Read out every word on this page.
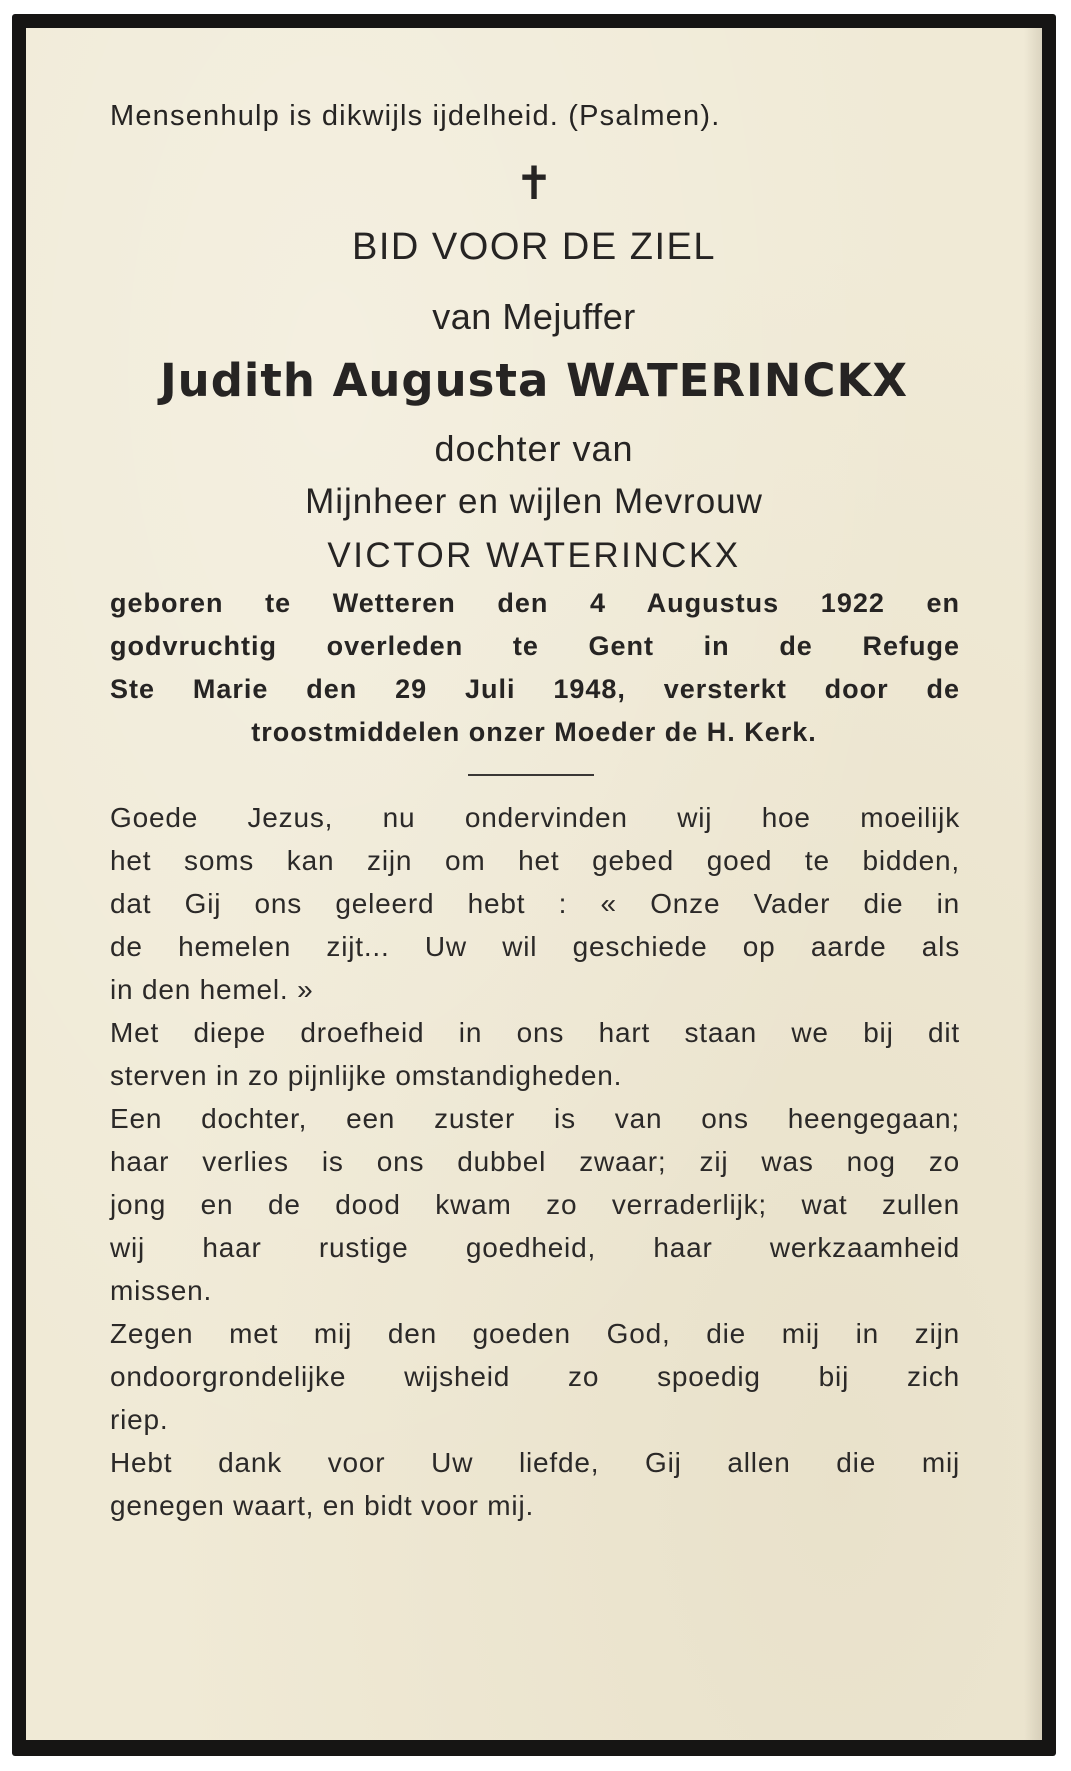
Mensenhulp is dikwijls ijdelheid. (Psalmen).
✝
BID VOOR DE ZIEL
van Mejuffer
Judith Augusta WATERINCKX
dochter van
Mijnheer en wijlen Mevrouw
VICTOR WATERINCKX
geboren te Wetteren den 4 Augustus 1922 en
godvruchtig overleden te Gent in de Refuge
Ste Marie den 29 Juli 1948, versterkt door de
troostmiddelen onzer Moeder de H. Kerk.
Goede Jezus, nu ondervinden wij hoe moeilijk
het soms kan zijn om het gebed goed te bidden,
dat Gij ons geleerd hebt : « Onze Vader die in
de hemelen zijt... Uw wil geschiede op aarde als
in den hemel. »
Met diepe droefheid in ons hart staan we bij dit
sterven in zo pijnlijke omstandigheden.
Een dochter, een zuster is van ons heengegaan;
haar verlies is ons dubbel zwaar; zij was nog zo
jong en de dood kwam zo verraderlijk; wat zullen
wij haar rustige goedheid, haar werkzaamheid
missen.
Zegen met mij den goeden God, die mij in zijn
ondoorgrondelijke wijsheid zo spoedig bij zich
riep.
Hebt dank voor Uw liefde, Gij allen die mij
genegen waart, en bidt voor mij.
